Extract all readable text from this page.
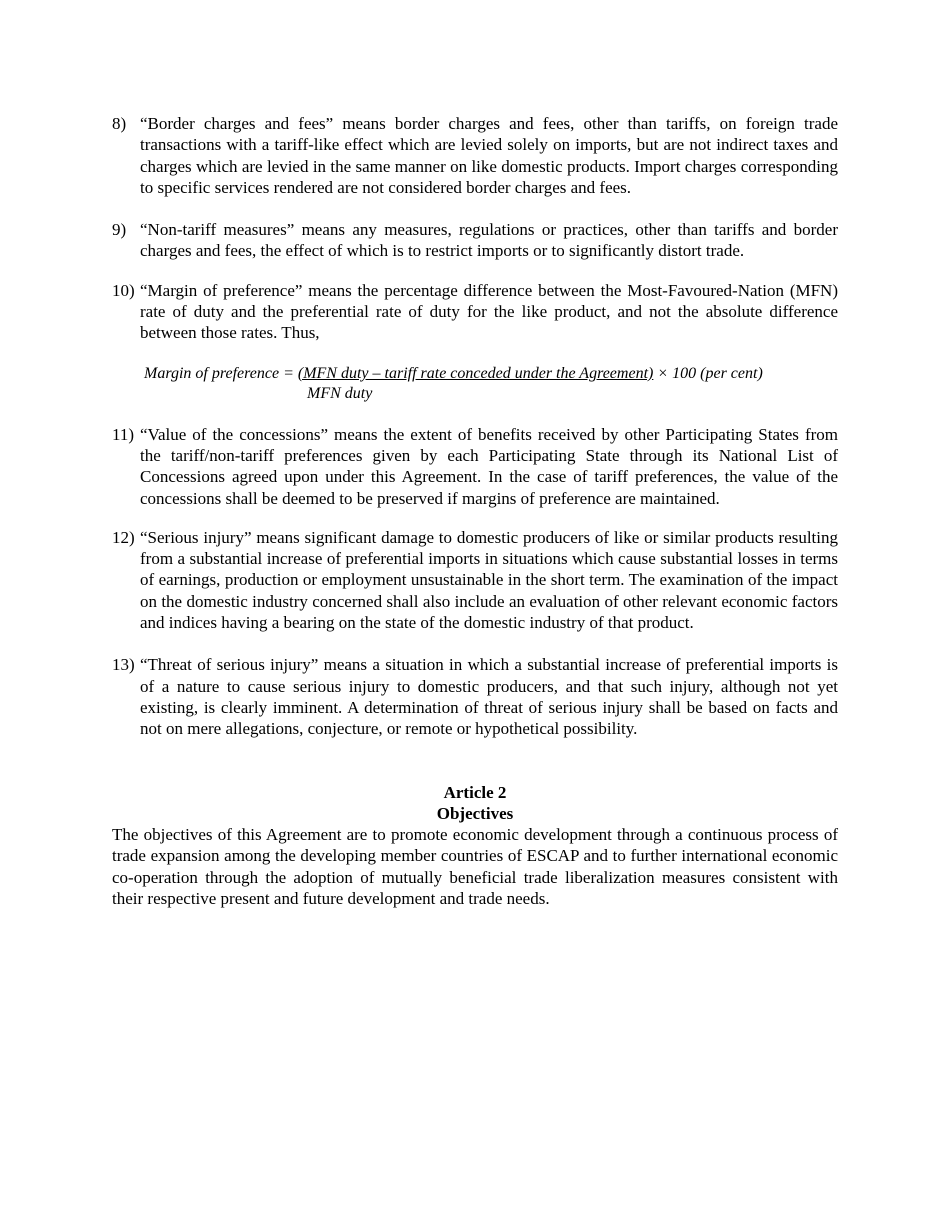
8) “Border charges and fees” means border charges and fees, other than tariffs, on foreign trade transactions with a tariff-like effect which are levied solely on imports, but are not indirect taxes and charges which are levied in the same manner on like domestic products. Import charges corresponding to specific services rendered are not considered border charges and fees.

9) “Non-tariff measures” means any measures, regulations or practices, other than tariffs and border charges and fees, the effect of which is to restrict imports or to significantly distort trade.

10) “Margin of preference” means the percentage difference between the Most-Favoured-Nation (MFN) rate of duty and the preferential rate of duty for the like product, and not the absolute difference between those rates. Thus,

Margin of preference = (MFN duty – tariff rate conceded under the Agreement) × 100 (per cent)
MFN duty
11) “Value of the concessions” means the extent of benefits received by other Participating States from the tariff/non-tariff preferences given by each Participating State through its National List of Concessions agreed upon under this Agreement. In the case of tariff preferences, the value of the concessions shall be deemed to be preserved if margins of preference are maintained.

12) “Serious injury” means significant damage to domestic producers of like or similar products resulting from a substantial increase of preferential imports in situations which cause substantial losses in terms of earnings, production or employment unsustainable in the short term. The examination of the impact on the domestic industry concerned shall also include an evaluation of other relevant economic factors and indices having a bearing on the state of the domestic industry of that product.

13) “Threat of serious injury” means a situation in which a substantial increase of preferential imports is of a nature to cause serious injury to domestic producers, and that such injury, although not yet existing, is clearly imminent. A determination of threat of serious injury shall be based on facts and not on mere allegations, conjecture, or remote or hypothetical possibility.

Article 2
Objectives

The objectives of this Agreement are to promote economic development through a continuous process of trade expansion among the developing member countries of ESCAP and to further international economic co-operation through the adoption of mutually beneficial trade liberalization measures consistent with their respective present and future development and trade needs.
